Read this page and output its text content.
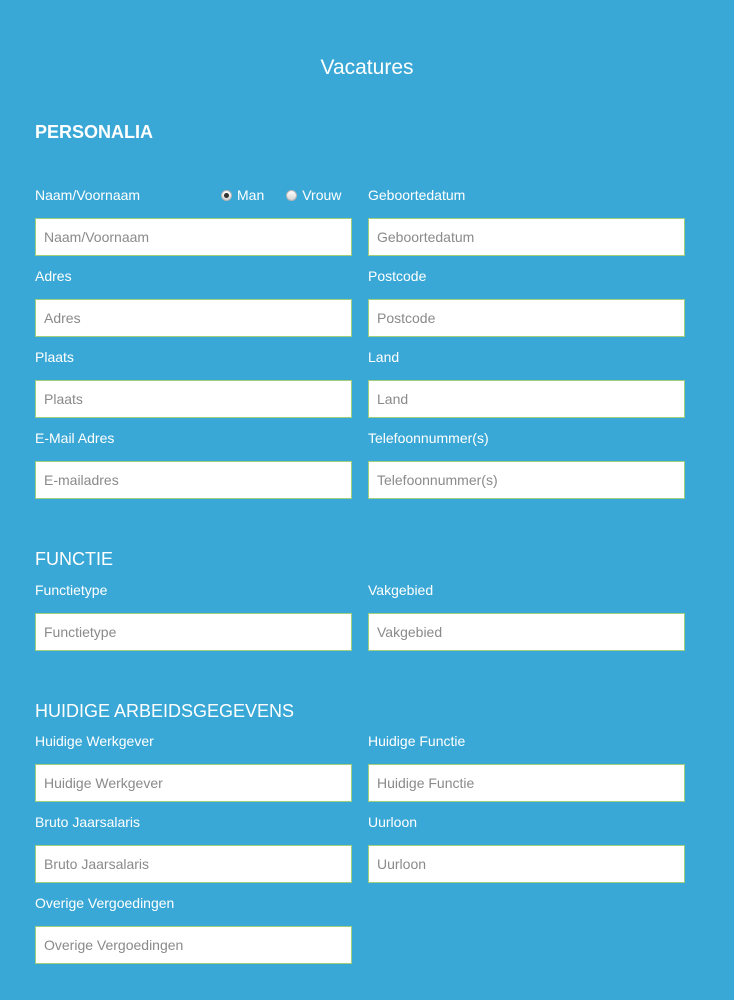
Vacatures
PERSONALIA
Naam/Voornaam	Man	Vrouw Geboortedatum
Naam/Voornaam
Geboortedatum
Adres	Postcode
Adres
Postcode
Plaats	Land
Plaats
Land
E-Mail Adres	Telefoonnummer(s)
E-mailadres
Telefoonnummer(s)
FUNCTIE
Functietype	Vakgebied
Functietype
Vakgebied
HUIDIGE ARBEIDSGEGEVENS
Huidige Werkgever	Huidige Functie
Huidige Werkgever
Huidige Functie
Bruto Jaarsalaris	Uurloon
Bruto Jaarsalaris
Uurloon
Overige Vergoedingen
Overige Vergoedingen
